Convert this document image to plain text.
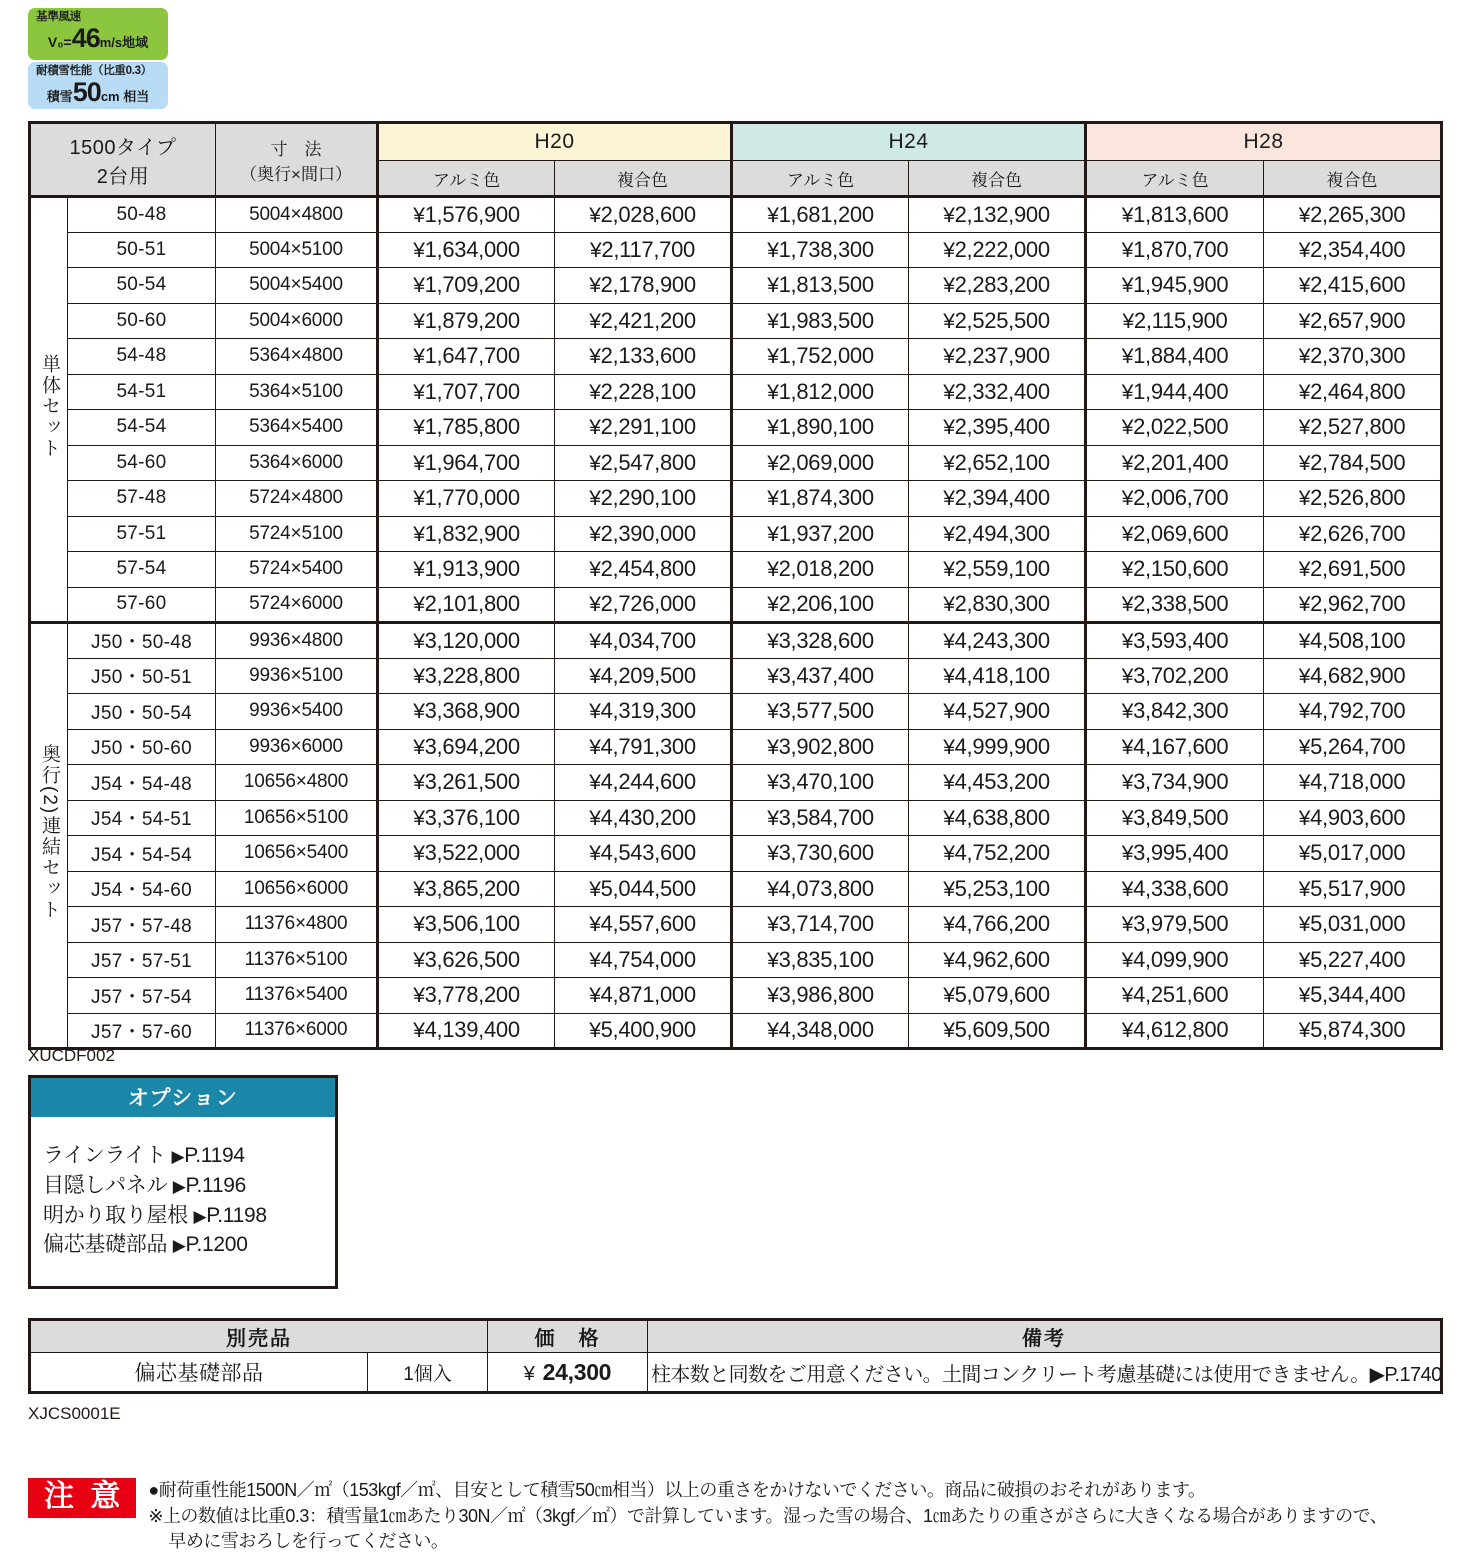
基準風速
V₀=46m/s地域
耐積雪性能（比重0.3）
積雪50cm 相当
1500タイプ
2台用

寸　法
（奥行×間口）
	H20	H24	H28
			アルミ色	複合色	アルミ色	複合色	アルミ色	複合色
単体セット	50-48	5004×4800	¥1,576,900	¥2,028,600	¥1,681,200	¥2,132,900	¥1,813,600	¥2,265,300
	50-51	5004×5100	¥1,634,000	¥2,117,700	¥1,738,300	¥2,222,000	¥1,870,700	¥2,354,400
	50-54	5004×5400	¥1,709,200	¥2,178,900	¥1,813,500	¥2,283,200	¥1,945,900	¥2,415,600
	50-60	5004×6000	¥1,879,200	¥2,421,200	¥1,983,500	¥2,525,500	¥2,115,900	¥2,657,900
	54-48	5364×4800	¥1,647,700	¥2,133,600	¥1,752,000	¥2,237,900	¥1,884,400	¥2,370,300
	54-51	5364×5100	¥1,707,700	¥2,228,100	¥1,812,000	¥2,332,400	¥1,944,400	¥2,464,800
	54-54	5364×5400	¥1,785,800	¥2,291,100	¥1,890,100	¥2,395,400	¥2,022,500	¥2,527,800
	54-60	5364×6000	¥1,964,700	¥2,547,800	¥2,069,000	¥2,652,100	¥2,201,400	¥2,784,500
	57-48	5724×4800	¥1,770,000	¥2,290,100	¥1,874,300	¥2,394,400	¥2,006,700	¥2,526,800
	57-51	5724×5100	¥1,832,900	¥2,390,000	¥1,937,200	¥2,494,300	¥2,069,600	¥2,626,700
	57-54	5724×5400	¥1,913,900	¥2,454,800	¥2,018,200	¥2,559,100	¥2,150,600	¥2,691,500
	57-60	5724×6000	¥2,101,800	¥2,726,000	¥2,206,100	¥2,830,300	¥2,338,500	¥2,962,700
奥行(2)連結セット	J50・50-48	9936×4800	¥3,120,000	¥4,034,700	¥3,328,600	¥4,243,300	¥3,593,400	¥4,508,100
	J50・50-51	9936×5100	¥3,228,800	¥4,209,500	¥3,437,400	¥4,418,100	¥3,702,200	¥4,682,900
	J50・50-54	9936×5400	¥3,368,900	¥4,319,300	¥3,577,500	¥4,527,900	¥3,842,300	¥4,792,700
	J50・50-60	9936×6000	¥3,694,200	¥4,791,300	¥3,902,800	¥4,999,900	¥4,167,600	¥5,264,700
	J54・54-48	10656×4800	¥3,261,500	¥4,244,600	¥3,470,100	¥4,453,200	¥3,734,900	¥4,718,000
	J54・54-51	10656×5100	¥3,376,100	¥4,430,200	¥3,584,700	¥4,638,800	¥3,849,500	¥4,903,600
	J54・54-54	10656×5400	¥3,522,000	¥4,543,600	¥3,730,600	¥4,752,200	¥3,995,400	¥5,017,000
	J54・54-60	10656×6000	¥3,865,200	¥5,044,500	¥4,073,800	¥5,253,100	¥4,338,600	¥5,517,900
	J57・57-48	11376×4800	¥3,506,100	¥4,557,600	¥3,714,700	¥4,766,200	¥3,979,500	¥5,031,000
	J57・57-51	11376×5100	¥3,626,500	¥4,754,000	¥3,835,100	¥4,962,600	¥4,099,900	¥5,227,400
	J57・57-54	11376×5400	¥3,778,200	¥4,871,000	¥3,986,800	¥5,079,600	¥4,251,600	¥5,344,400
	J57・57-60	11376×6000	¥4,139,400	¥5,400,900	¥4,348,000	¥5,609,500	¥4,612,800	¥5,874,300
XUCDF002
オプション
ラインライト ▶P.1194
目隠しパネル ▶P.1196
明かり取り屋根 ▶P.1198
偏芯基礎部品 ▶P.1200
別売品		価　格	備考
偏芯基礎部品	1個入	¥ 24,300	柱本数と同数をご用意ください。土間コンクリート考慮基礎には使用できません。▶P.1740
XJCS0001E
注 意	●耐荷重性能1500N／㎡（153kgf／㎡、目安として積雪50㎝相当）以上の重さをかけないでください。商品に破損のおそれがあります。

※上の数値は比重0.3：積雪量1㎝あたり30N／㎡（3kgf／㎡）で計算しています。湿った雪の場合、1㎝あたりの重さがさらに大きくなる場合がありますので、

早めに雪おろしを行ってください。
